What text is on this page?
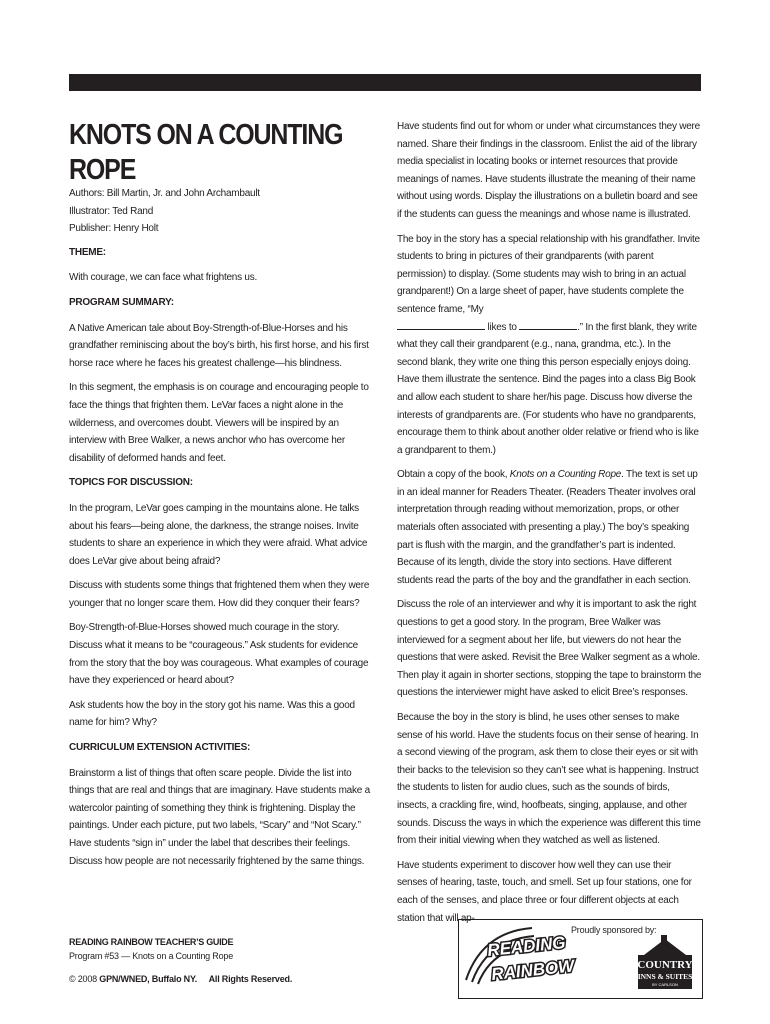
KNOTS ON A COUNTING ROPE
Authors: Bill Martin, Jr. and John Archambault
Illustrator: Ted Rand
Publisher: Henry Holt
THEME:

With courage, we can face what frightens us.

PROGRAM SUMMARY:

A Native American tale about Boy-Strength-of-Blue-Horses and his grandfather reminiscing about the boy’s birth, his first horse, and his first horse race where he faces his greatest challenge—his blindness.

In this segment, the emphasis is on courage and encouraging people to face the things that frighten them. LeVar faces a night alone in the wilderness, and overcomes doubt. Viewers will be inspired by an interview with Bree Walker, a news anchor who has overcome her disability of deformed hands and feet.

TOPICS FOR DISCUSSION:

In the program, LeVar goes camping in the mountains alone. He talks about his fears—being alone, the darkness, the strange noises. Invite students to share an experience in which they were afraid. What advice does LeVar give about being afraid?

Discuss with students some things that frightened them when they were younger that no longer scare them. How did they conquer their fears?

Boy-Strength-of-Blue-Horses showed much courage in the story. Discuss what it means to be “courageous.” Ask students for evidence from the story that the boy was courageous. What examples of courage have they experienced or heard about?

Ask students how the boy in the story got his name. Was this a good name for him? Why?

CURRICULUM EXTENSION ACTIVITIES:

Brainstorm a list of things that often scare people. Divide the list into things that are real and things that are imaginary. Have students make a watercolor painting of something they think is frightening. Display the paintings. Under each picture, put two labels, “Scary” and “Not Scary.” Have students “sign in” under the label that describes their feelings. Discuss how people are not necessarily frightened by the same things.

Have students find out for whom or under what circumstances they were named. Share their findings in the classroom. Enlist the aid of the library media specialist in locating books or internet resources that provide meanings of names. Have students illustrate the meaning of their name without using words. Display the illustrations on a bulletin board and see if the students can guess the meanings and whose name is illustrated.

The boy in the story has a special relationship with his grandfather. Invite students to bring in pictures of their grandparents (with parent permission) to display. (Some students may wish to bring in an actual grandparent!) On a large sheet of paper, have students complete the sentence frame, “My
likes to	.” In the first blank, they write what they call their grandparent (e.g., nana, grandma, etc.). In the second blank, they write one thing this person especially enjoys doing. Have them illustrate the sentence. Bind the pages into a class Big Book and allow each student to share her/his page. Discuss how diverse the interests of grandparents are. (For students who have no grandparents, encourage them to think about another older relative or friend who is like a grandparent to them.)

Obtain a copy of the book, Knots on a Counting Rope. The text is set up in an ideal manner for Readers Theater. (Readers Theater involves oral interpretation through reading without memorization, props, or other materials often associated with presenting a play.) The boy’s speaking part is flush with the margin, and the grandfather’s part is indented. Because of its length, divide the story into sections. Have different students read the parts of the boy and the grandfather in each section.

Discuss the role of an interviewer and why it is important to ask the right questions to get a good story. In the program, Bree Walker was interviewed for a segment about her life, but viewers do not hear the questions that were asked. Revisit the Bree Walker segment as a whole. Then play it again in shorter sections, stopping the tape to brainstorm the questions the interviewer might have asked to elicit Bree’s responses.

Because the boy in the story is blind, he uses other senses to make sense of his world. Have the students focus on their sense of hearing. In a second viewing of the program, ask them to close their eyes or sit with their backs to the television so they can’t see what is happening. Instruct the students to listen for audio clues, such as the sounds of birds, insects, a crackling fire, wind, hoofbeats, singing, applause, and other sounds. Discuss the ways in which the experience was different this time from their initial viewing when they watched as well as listened.

Have students experiment to discover how well they can use their senses of hearing, taste, touch, and smell. Set up four stations, one for each of the senses, and place three or four different objects at each station that will ap-

READING RAINBOW TEACHER’S GUIDE
Program #53 — Knots on a Counting Rope
© 2008 GPN/WNED, Buffalo NY. All Rights Reserved.
Proudly sponsored by:
READING
RAINBOW	COUNTRY
INNS & SUITES
BY CARLSON
